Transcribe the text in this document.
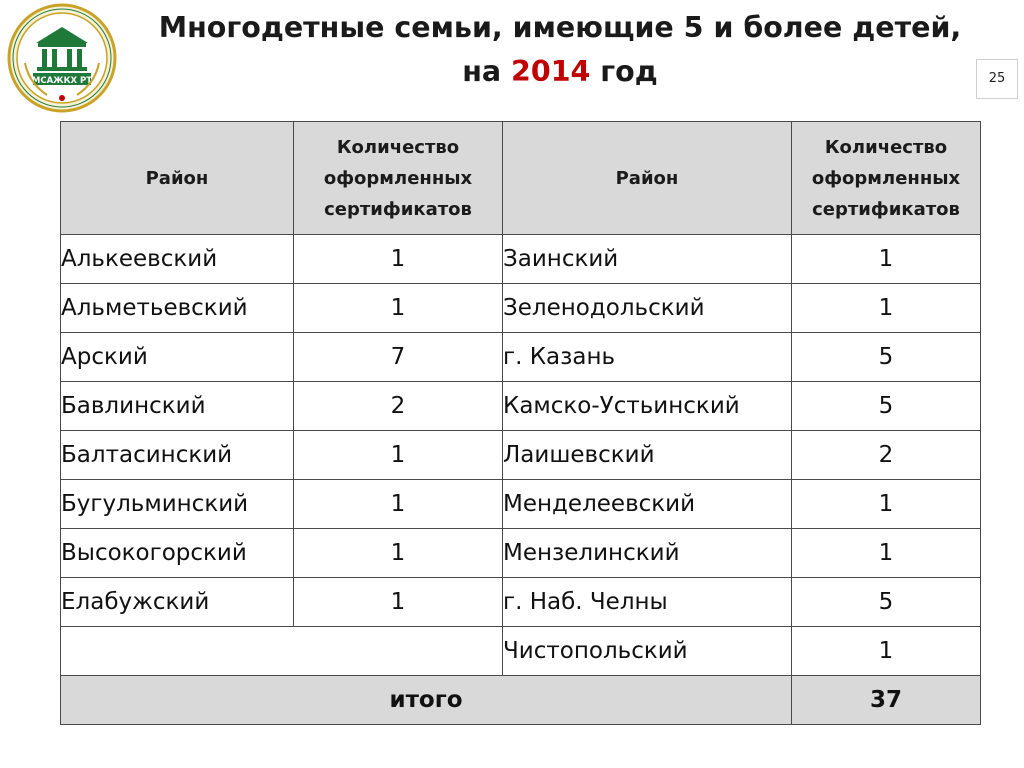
МСАЖКХ РТ
Многодетные семьи, имеющие 5 и более детей,
на 2014 год	25
Район	Количество оформленных сертификатов	Район	Количество оформленных сертификатов
Алькеевский	1	Заинский	1
Альметьевский	1	Зеленодольский	1
Арский	7	г. Казань	5
Бавлинский	2	Камско-Устьинский	5
Балтасинский	1	Лаишевский	2
Бугульминский	1	Менделеевский	1
Высокогорский	1	Мензелинский	1
Елабужский	1	г. Наб. Челны	5
		Чистопольский	1
итого			37
